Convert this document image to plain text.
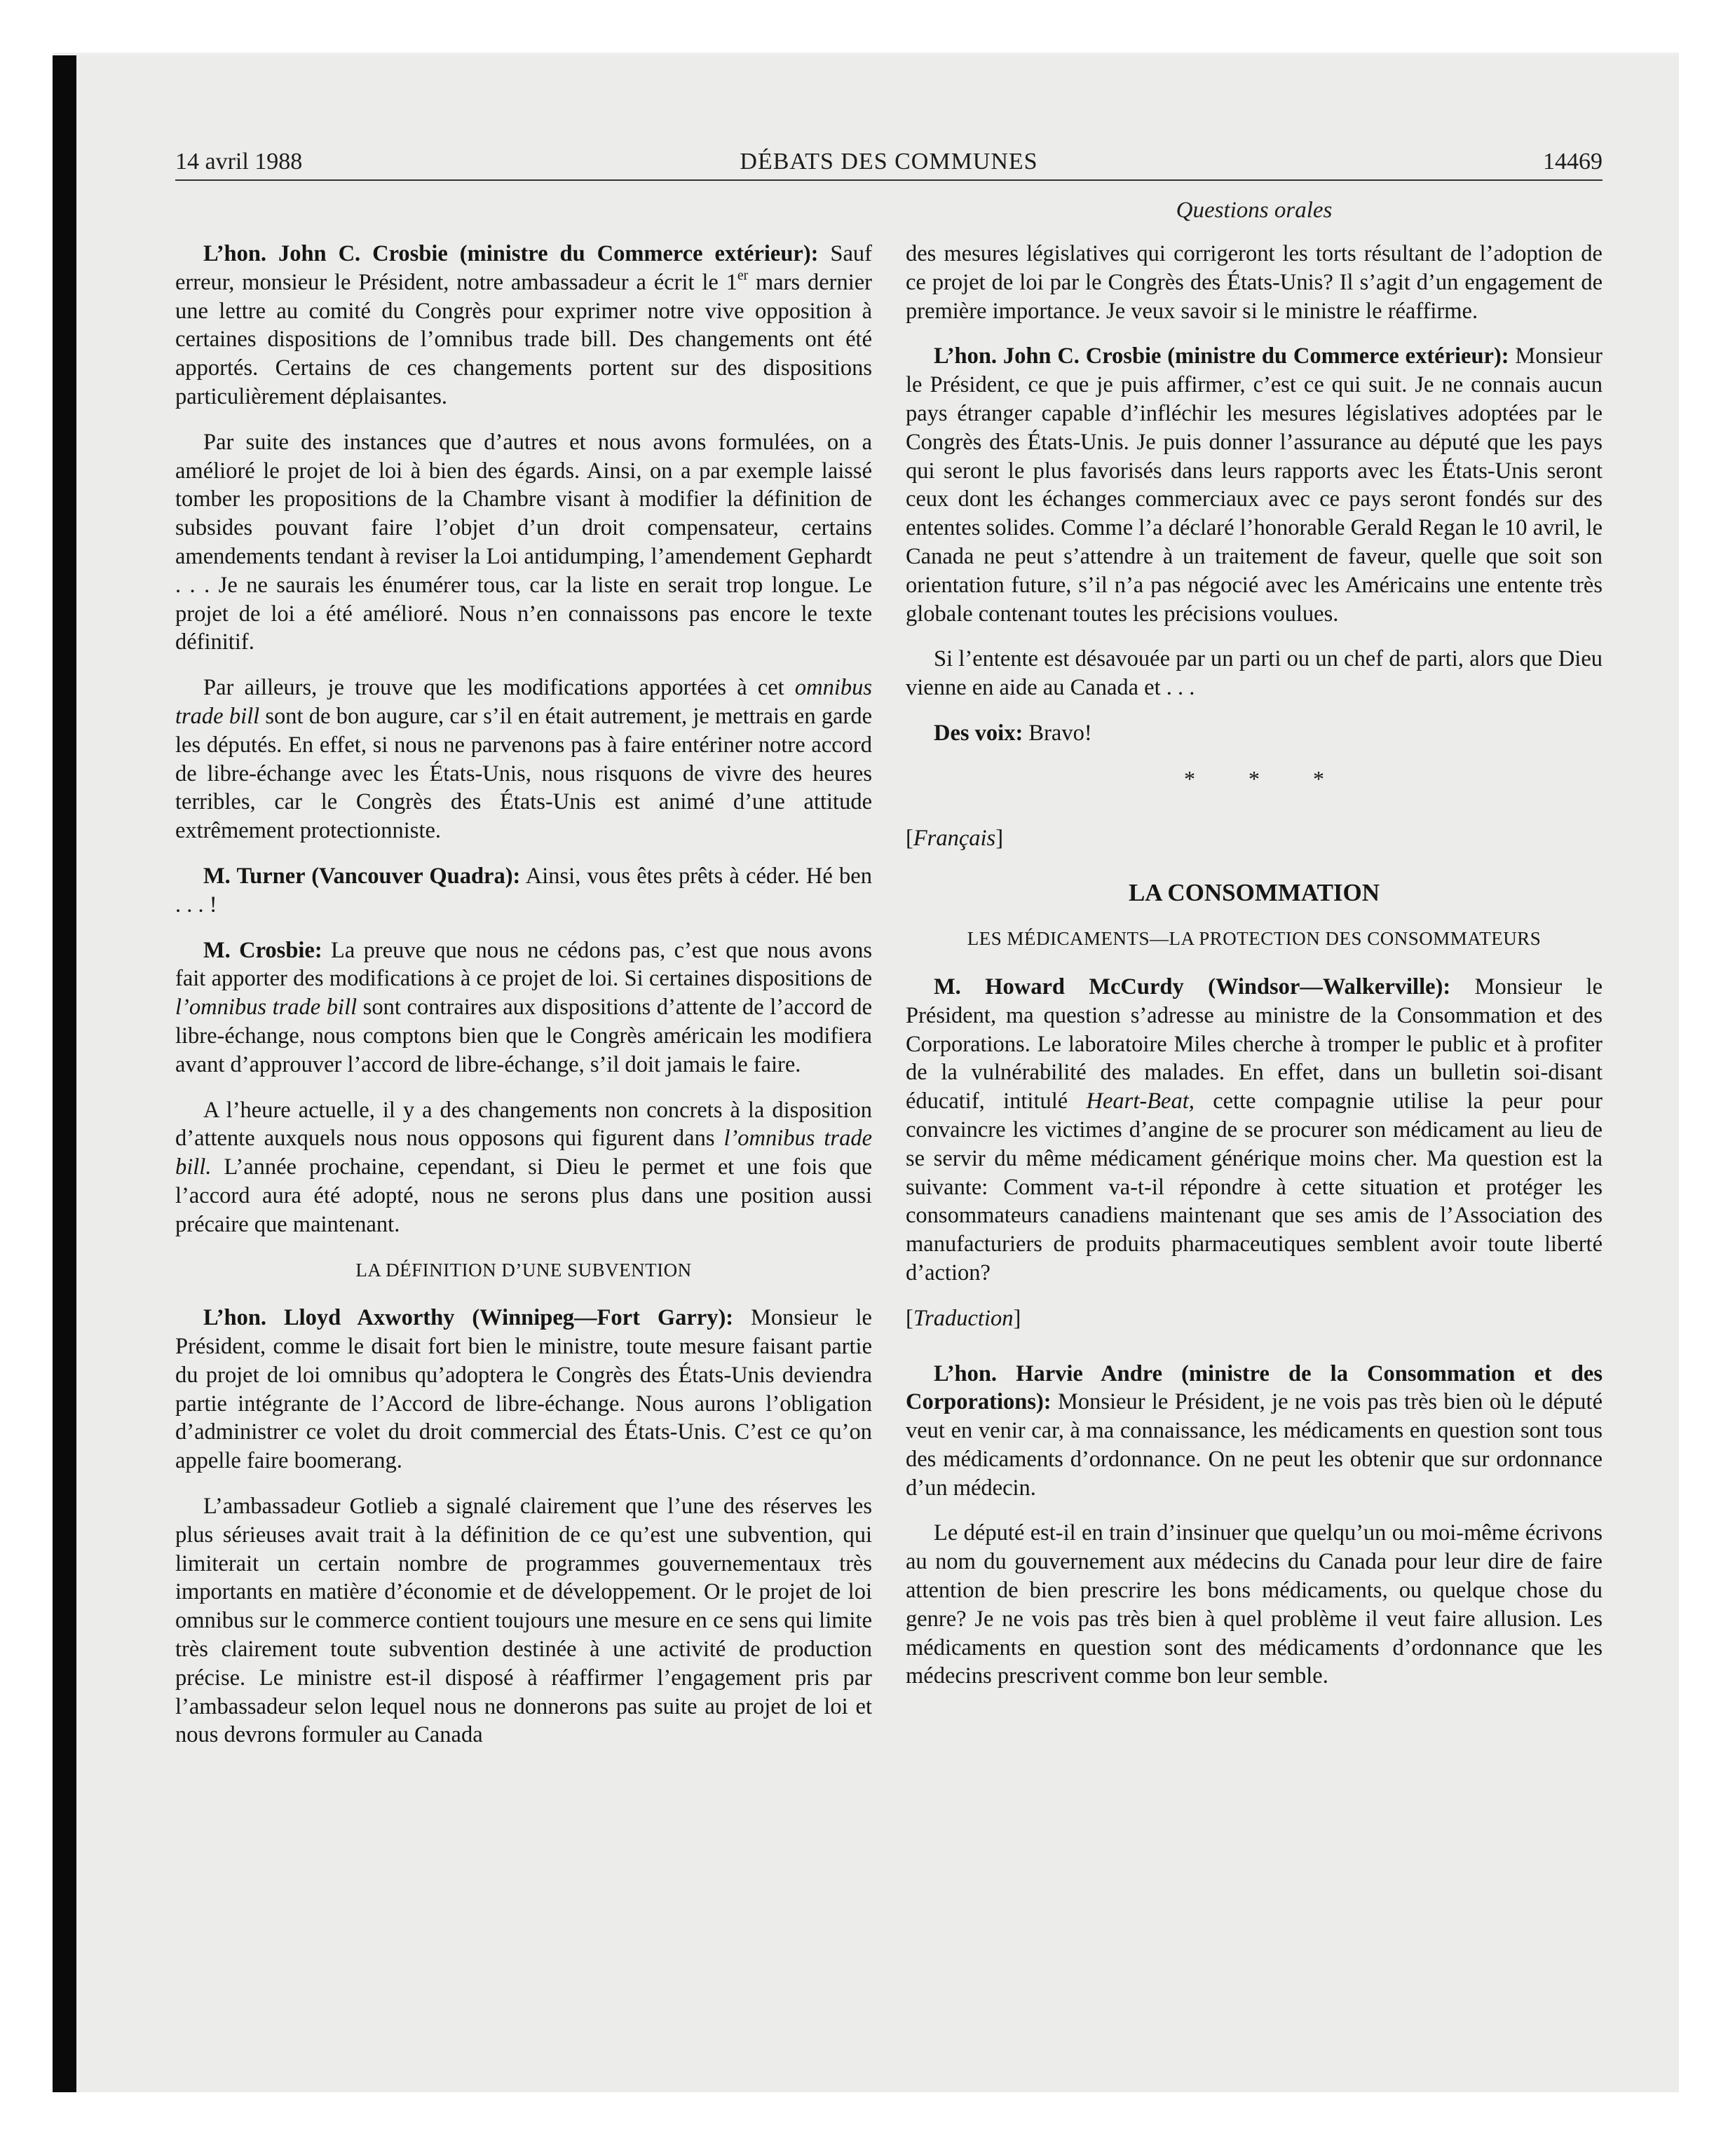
14 avril 1988	DÉBATS DES COMMUNES	14469
Questions orales

L’hon. John C. Crosbie (ministre du Commerce extérieur): Sauf erreur, monsieur le Président, notre ambassadeur a écrit le 1er mars dernier une lettre au comité du Congrès pour exprimer notre vive opposition à certaines dispositions de l’omnibus trade bill. Des changements ont été apportés. Certains de ces changements portent sur des dispositions particulièrement déplaisantes.

Par suite des instances que d’autres et nous avons formulées, on a amélioré le projet de loi à bien des égards. Ainsi, on a par exemple laissé tomber les propositions de la Chambre visant à modifier la définition de subsides pouvant faire l’objet d’un droit compensateur, certains amendements tendant à reviser la Loi antidumping, l’amendement Gephardt . . . Je ne saurais les énumérer tous, car la liste en serait trop longue. Le projet de loi a été amélioré. Nous n’en connaissons pas encore le texte définitif.

Par ailleurs, je trouve que les modifications apportées à cet omnibus trade bill sont de bon augure, car s’il en était autrement, je mettrais en garde les députés. En effet, si nous ne parvenons pas à faire entériner notre accord de libre-échange avec les États-Unis, nous risquons de vivre des heures terribles, car le Congrès des États-Unis est animé d’une attitude extrêmement protectionniste.

M. Turner (Vancouver Quadra): Ainsi, vous êtes prêts à céder. Hé ben . . . !

M. Crosbie: La preuve que nous ne cédons pas, c’est que nous avons fait apporter des modifications à ce projet de loi. Si certaines dispositions de l’omnibus trade bill sont contraires aux dispositions d’attente de l’accord de libre-échange, nous comptons bien que le Congrès américain les modifiera avant d’approuver l’accord de libre-échange, s’il doit jamais le faire.

A l’heure actuelle, il y a des changements non concrets à la disposition d’attente auxquels nous nous opposons qui figurent dans l’omnibus trade bill. L’année prochaine, cependant, si Dieu le permet et une fois que l’accord aura été adopté, nous ne serons plus dans une position aussi précaire que maintenant.

LA DÉFINITION D’UNE SUBVENTION

L’hon. Lloyd Axworthy (Winnipeg—Fort Garry): Monsieur le Président, comme le disait fort bien le ministre, toute mesure faisant partie du projet de loi omnibus qu’adoptera le Congrès des États-Unis deviendra partie intégrante de l’Accord de libre-échange. Nous aurons l’obligation d’administrer ce volet du droit commercial des États-Unis. C’est ce qu’on appelle faire boomerang.

L’ambassadeur Gotlieb a signalé clairement que l’une des réserves les plus sérieuses avait trait à la définition de ce qu’est une subvention, qui limiterait un certain nombre de programmes gouvernementaux très importants en matière d’économie et de développement. Or le projet de loi omnibus sur le commerce contient toujours une mesure en ce sens qui limite très clairement toute subvention destinée à une activité de production précise. Le ministre est-il disposé à réaffirmer l’engagement pris par l’ambassadeur selon lequel nous ne donnerons pas suite au projet de loi et nous devrons formuler au Canada

des mesures législatives qui corrigeront les torts résultant de l’adoption de ce projet de loi par le Congrès des États-Unis? Il s’agit d’un engagement de première importance. Je veux savoir si le ministre le réaffirme.

L’hon. John C. Crosbie (ministre du Commerce extérieur): Monsieur le Président, ce que je puis affirmer, c’est ce qui suit. Je ne connais aucun pays étranger capable d’infléchir les mesures législatives adoptées par le Congrès des États-Unis. Je puis donner l’assurance au député que les pays qui seront le plus favorisés dans leurs rapports avec les États-Unis seront ceux dont les échanges commerciaux avec ce pays seront fondés sur des ententes solides. Comme l’a déclaré l’honorable Gerald Regan le 10 avril, le Canada ne peut s’attendre à un traitement de faveur, quelle que soit son orientation future, s’il n’a pas négocié avec les Américains une entente très globale contenant toutes les précisions voulues.

Si l’entente est désavouée par un parti ou un chef de parti, alors que Dieu vienne en aide au Canada et . . .

Des voix: Bravo!

* * *
[Français]
LA CONSOMMATION
LES MÉDICAMENTS—LA PROTECTION DES CONSOMMATEURS

M. Howard McCurdy (Windsor—Walkerville): Monsieur le Président, ma question s’adresse au ministre de la Consommation et des Corporations. Le laboratoire Miles cherche à tromper le public et à profiter de la vulnérabilité des malades. En effet, dans un bulletin soi-disant éducatif, intitulé Heart-Beat, cette compagnie utilise la peur pour convaincre les victimes d’angine de se procurer son médicament au lieu de se servir du même médicament générique moins cher. Ma question est la suivante: Comment va-t-il répondre à cette situation et protéger les consommateurs canadiens maintenant que ses amis de l’Association des manufacturiers de produits pharmaceutiques semblent avoir toute liberté d’action?

[Traduction]

L’hon. Harvie Andre (ministre de la Consommation et des Corporations): Monsieur le Président, je ne vois pas très bien où le député veut en venir car, à ma connaissance, les médicaments en question sont tous des médicaments d’ordonnance. On ne peut les obtenir que sur ordonnance d’un médecin.

Le député est-il en train d’insinuer que quelqu’un ou moi-même écrivons au nom du gouvernement aux médecins du Canada pour leur dire de faire attention de bien prescrire les bons médicaments, ou quelque chose du genre? Je ne vois pas très bien à quel problème il veut faire allusion. Les médicaments en question sont des médicaments d’ordonnance que les médecins prescrivent comme bon leur semble.
